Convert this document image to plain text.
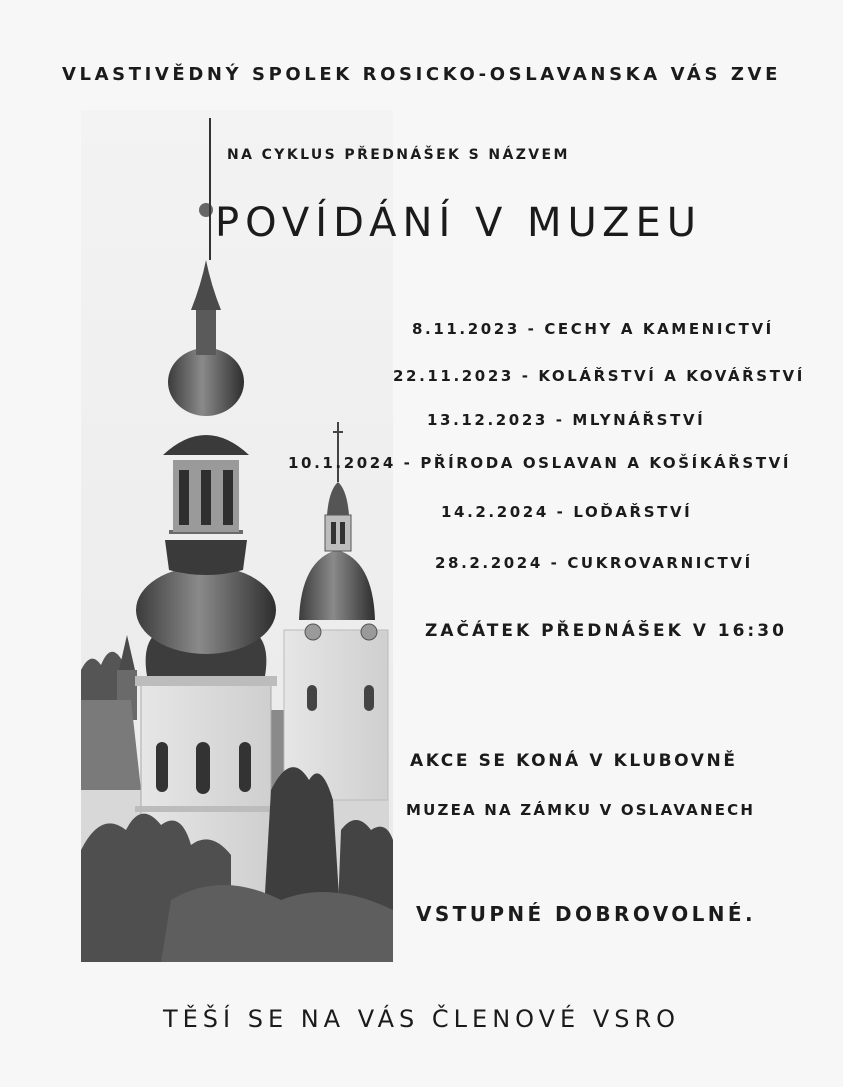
VLASTIVĚDNÝ SPOLEK ROSICKO-OSLAVANSKA VÁS ZVE
NA CYKLUS PŘEDNÁŠEK S NÁZVEM
POVÍDÁNÍ V MUZEU
8.11.2023 - CECHY A KAMENICTVÍ
22.11.2023 - KOLÁŘSTVÍ A KOVÁŘSTVÍ
13.12.2023 - MLYNÁŘSTVÍ
10.1.2024 - PŘÍRODA OSLAVAN A KOŠÍKÁŘSTVÍ
14.2.2024 - LOĎAŘSTVÍ
28.2.2024 - CUKROVARNICTVÍ
ZAČÁTEK PŘEDNÁŠEK V 16:30
AKCE SE KONÁ V KLUBOVNĚ
MUZEA NA ZÁMKU V OSLAVANECH
VSTUPNÉ DOBROVOLNÉ.
TĚŠÍ SE NA VÁS ČLENOVÉ VSRO
